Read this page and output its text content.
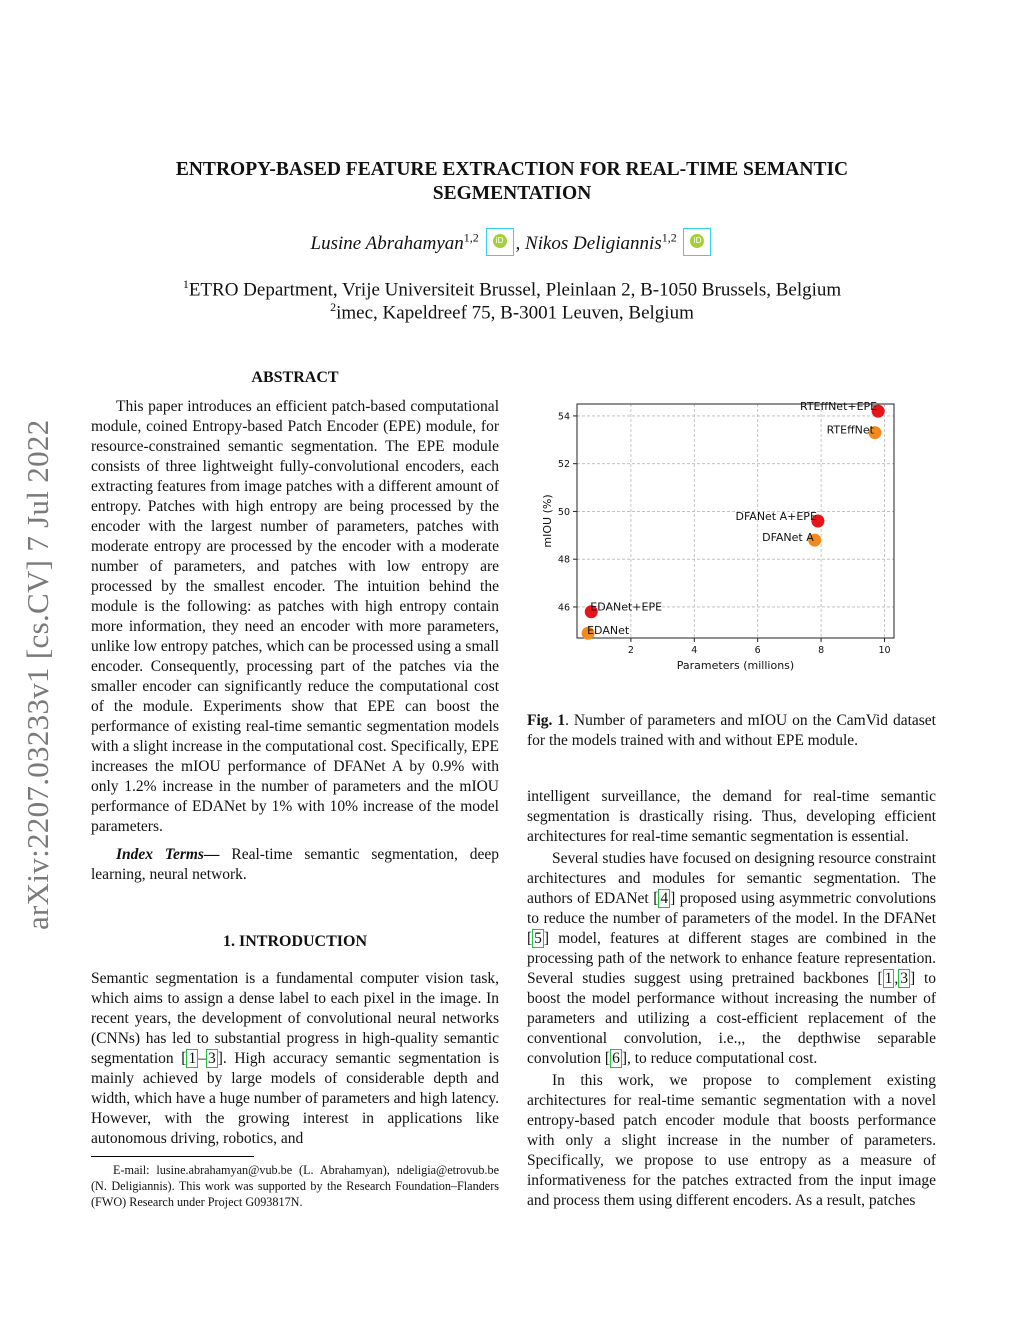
ENTROPY-BASED FEATURE EXTRACTION FOR REAL-TIME SEMANTIC
SEGMENTATION
Lusine Abrahamyan$^{1,2}$	iD , Nikos Deligiannis$^{1,2}$	iD
$^1$ETRO Department, Vrije Universiteit Brussel, Pleinlaan 2, B-1050 Brussels, Belgium
$^2$imec, Kapeldreef 75, B-3001 Leuven, Belgium
arXiv:2207.03233v1 [cs.CV] 7 Jul 2022
ABSTRACT

This paper introduces an efficient patch-based computational module, coined Entropy-based Patch Encoder (EPE) module, for resource-constrained semantic segmentation. The EPE module consists of three lightweight fully-convolutional encoders, each extracting features from image patches with a different amount of entropy. Patches with high entropy are being processed by the encoder with the largest number of parameters, patches with moderate entropy are processed by the encoder with a moderate number of parameters, and patches with low entropy are processed by the smallest encoder. The intuition behind the module is the following: as patches with high entropy contain more information, they need an encoder with more parameters, unlike low entropy patches, which can be processed using a small encoder. Consequently, processing part of the patches via the smaller encoder can significantly reduce the computational cost of the module. Experiments show that EPE can boost the performance of existing real-time semantic segmentation models with a slight increase in the computational cost. Specifically, EPE increases the mIOU performance of DFANet A by 0.9% with only 1.2% increase in the number of parameters and the mIOU performance of EDANet by 1% with 10% increase of the model parameters.

Index Terms— Real-time semantic segmentation, deep learning, neural network.

1. INTRODUCTION

Semantic segmentation is a fundamental computer vision task, which aims to assign a dense label to each pixel in the image. In recent years, the development of convolutional neural networks (CNNs) has led to substantial progress in high-quality semantic segmentation [ 1 – 3 ]. High accuracy semantic segmentation is mainly achieved by large models of considerable depth and width, which have a huge number of parameters and high latency. However, with the growing interest in applications like autonomous driving, robotics, and

E-mail: lusine.abrahamyan@vub.be (L. Abrahamyan), ndeligia@etrovub.be (N. Deligiannis). This work was supported by the Research Foundation–Flanders (FWO) Research under Project G093817N.
2	4	6	8	10
46
48
50
52
54
Parameters (millions)
mIOU (%)
RTEffNet+EPE
RTEffNet
DFANet A+EPE
DFANet A
EDANet+EPE
EDANet
Fig. 1. Number of parameters and mIOU on the CamVid dataset for the models trained with and without EPE module.

intelligent surveillance, the demand for real-time semantic segmentation is drastically rising. Thus, developing efficient architectures for real-time semantic segmentation is essential.

Several studies have focused on designing resource constraint architectures and modules for semantic segmentation. The authors of EDANet [ 4 ] proposed using asymmetric convolutions to reduce the number of parameters of the model. In the DFANet [ 5 ] model, features at different stages are combined in the processing path of the network to enhance feature representation. Several studies suggest using pretrained backbones [ 1 , 3 ] to boost the model performance without increasing the number of parameters and utilizing a cost-efficient replacement of the conventional convolution, i.e.,, the depthwise separable convolution [ 6 ], to reduce computational cost.

In this work, we propose to complement existing architectures for real-time semantic segmentation with a novel entropy-based patch encoder module that boosts performance with only a slight increase in the number of parameters. Specifically, we propose to use entropy as a measure of informativeness for the patches extracted from the input image and process them using different encoders. As a result, patches
